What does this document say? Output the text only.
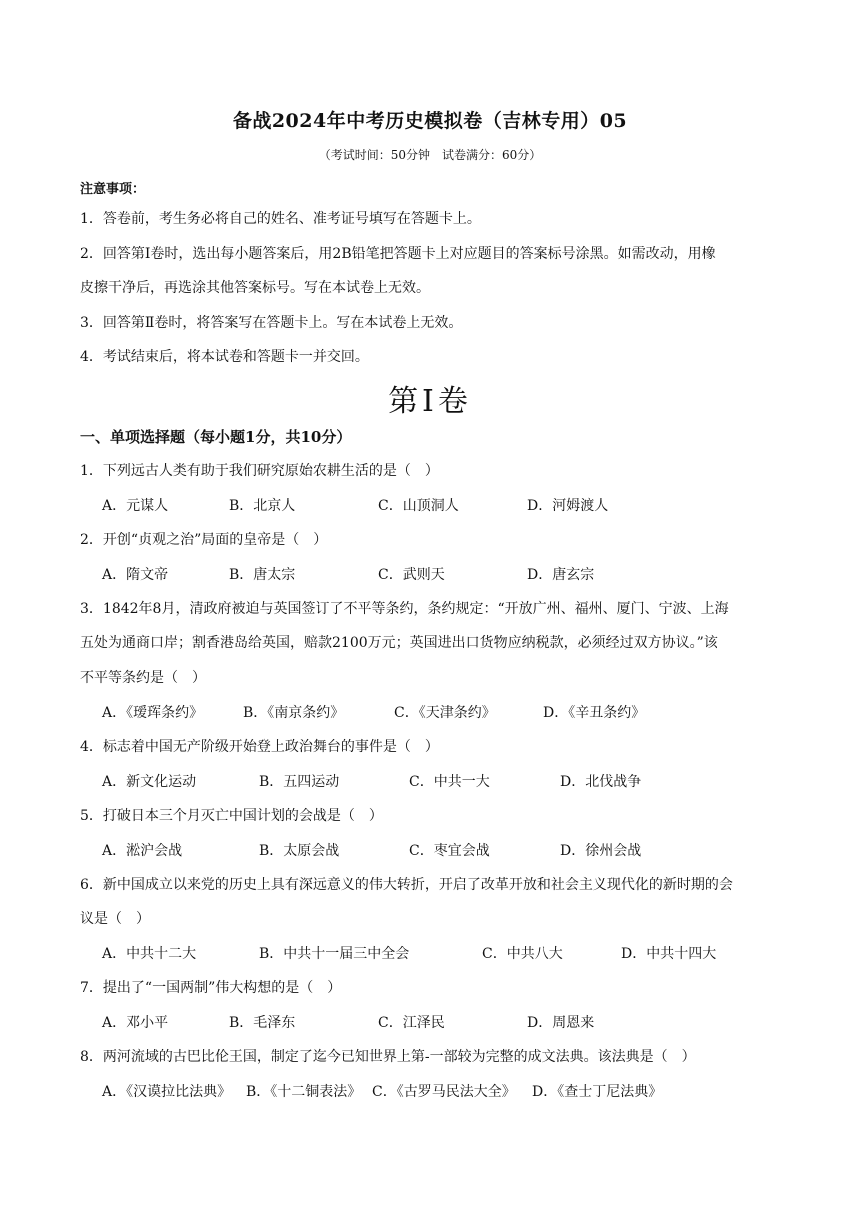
备战2024年中考历史模拟卷（吉林专用）05
（考试时间：50分钟　试卷满分：60分）
注意事项：
1．答卷前，考生务必将自己的姓名、准考证号填写在答题卡上。
2．回答第Ⅰ卷时，选出每小题答案后，用2B铅笔把答题卡上对应题目的答案标号涂黑。如需改动，用橡
皮擦干净后，再选涂其他答案标号。写在本试卷上无效。
3．回答第Ⅱ卷时，将答案写在答题卡上。写在本试卷上无效。
4．考试结束后，将本试卷和答题卡一并交回。
第Ⅰ卷
一、单项选择题（每小题1分，共10分）
1．下列远古人类有助于我们研究原始农耕生活的是（　）
A．元谋人	B．北京人	C．山顶洞人	D．河姆渡人
2．开创“贞观之治”局面的皇帝是（　）
A．隋文帝	B．唐太宗	C．武则天	D．唐玄宗
3．1842年8月，清政府被迫与英国签订了不平等条约，条约规定：“开放广州、福州、厦门、宁波、上海
五处为通商口岸；割香港岛给英国，赔款2100万元；英国进出口货物应纳税款，必须经过双方协议。”该
不平等条约是（　）
A．《瑷珲条约》	B．《南京条约》	C．《天津条约》	D．《辛丑条约》
4．标志着中国无产阶级开始登上政治舞台的事件是（　）
A．新文化运动	B．五四运动	C．中共一大	D．北伐战争
5．打破日本三个月灭亡中国计划的会战是（　）
A．淞沪会战	B．太原会战	C．枣宜会战	D．徐州会战
6．新中国成立以来党的历史上具有深远意义的伟大转折，开启了改革开放和社会主义现代化的新时期的会
议是（　）
A．中共十二大	B．中共十一届三中全会	C．中共八大	D．中共十四大
7．提出了“一国两制”伟大构想的是（　）
A．邓小平	B．毛泽东	C．江泽民	D．周恩来
8．两河流域的古巴比伦王国，制定了迄今已知世界上第-一部较为完整的成文法典。该法典是（　）
A．《汉谟拉比法典》 B．《十二铜表法》 C．《古罗马民法大全》 D．《查士丁尼法典》
